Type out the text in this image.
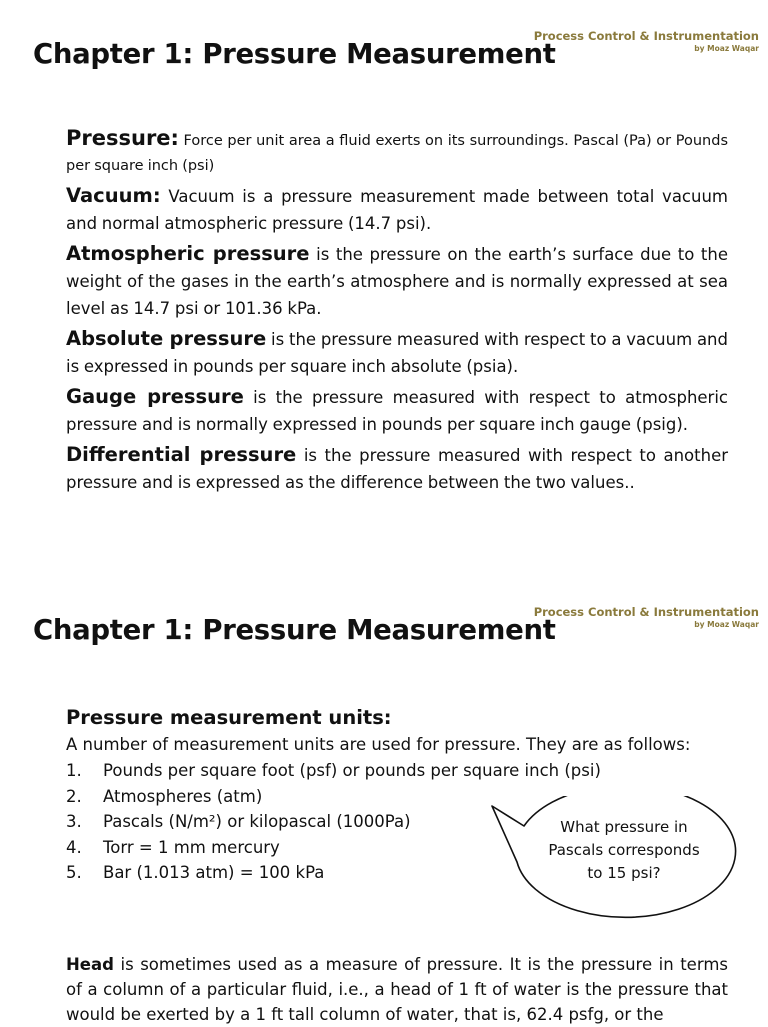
Chapter 1: Pressure Measurement
Process Control & Instrumentation
by Moaz Waqar

Pressure: Force per unit area a fluid exerts on its surroundings. Pascal (Pa) or Pounds per square inch (psi)

Vacuum: Vacuum is a pressure measurement made between total vacuum and normal atmospheric pressure (14.7 psi).

Atmospheric pressure is the pressure on the earth’s surface due to the weight of the gases in the earth’s atmosphere and is normally expressed at sea level as 14.7 psi or 101.36 kPa.

Absolute pressure is the pressure measured with respect to a vacuum and is expressed in pounds per square inch absolute (psia).

Gauge pressure is the pressure measured with respect to atmospheric pressure and is normally expressed in pounds per square inch gauge (psig).

Differential pressure is the pressure measured with respect to another pressure and is expressed as the difference between the two values..

Chapter 1: Pressure Measurement
Process Control & Instrumentation
by Moaz Waqar
Pressure measurement units:

A number of measurement units are used for pressure. They are as follows:

1. Pounds per square foot (psf) or pounds per square inch (psi)
2. Atmospheres (atm)
3. Pascals (N/m²) or kilopascal (1000Pa)
4. Torr = 1 mm mercury
5. Bar (1.013 atm) = 100 kPa

What pressure in Pascals corresponds to 15 psi?

Head is sometimes used as a measure of pressure. It is the pressure in terms of a column of a particular fluid, i.e., a head of 1 ft of water is the pressure that would be exerted by a 1 ft tall column of water, that is, 62.4 psfg, or the
